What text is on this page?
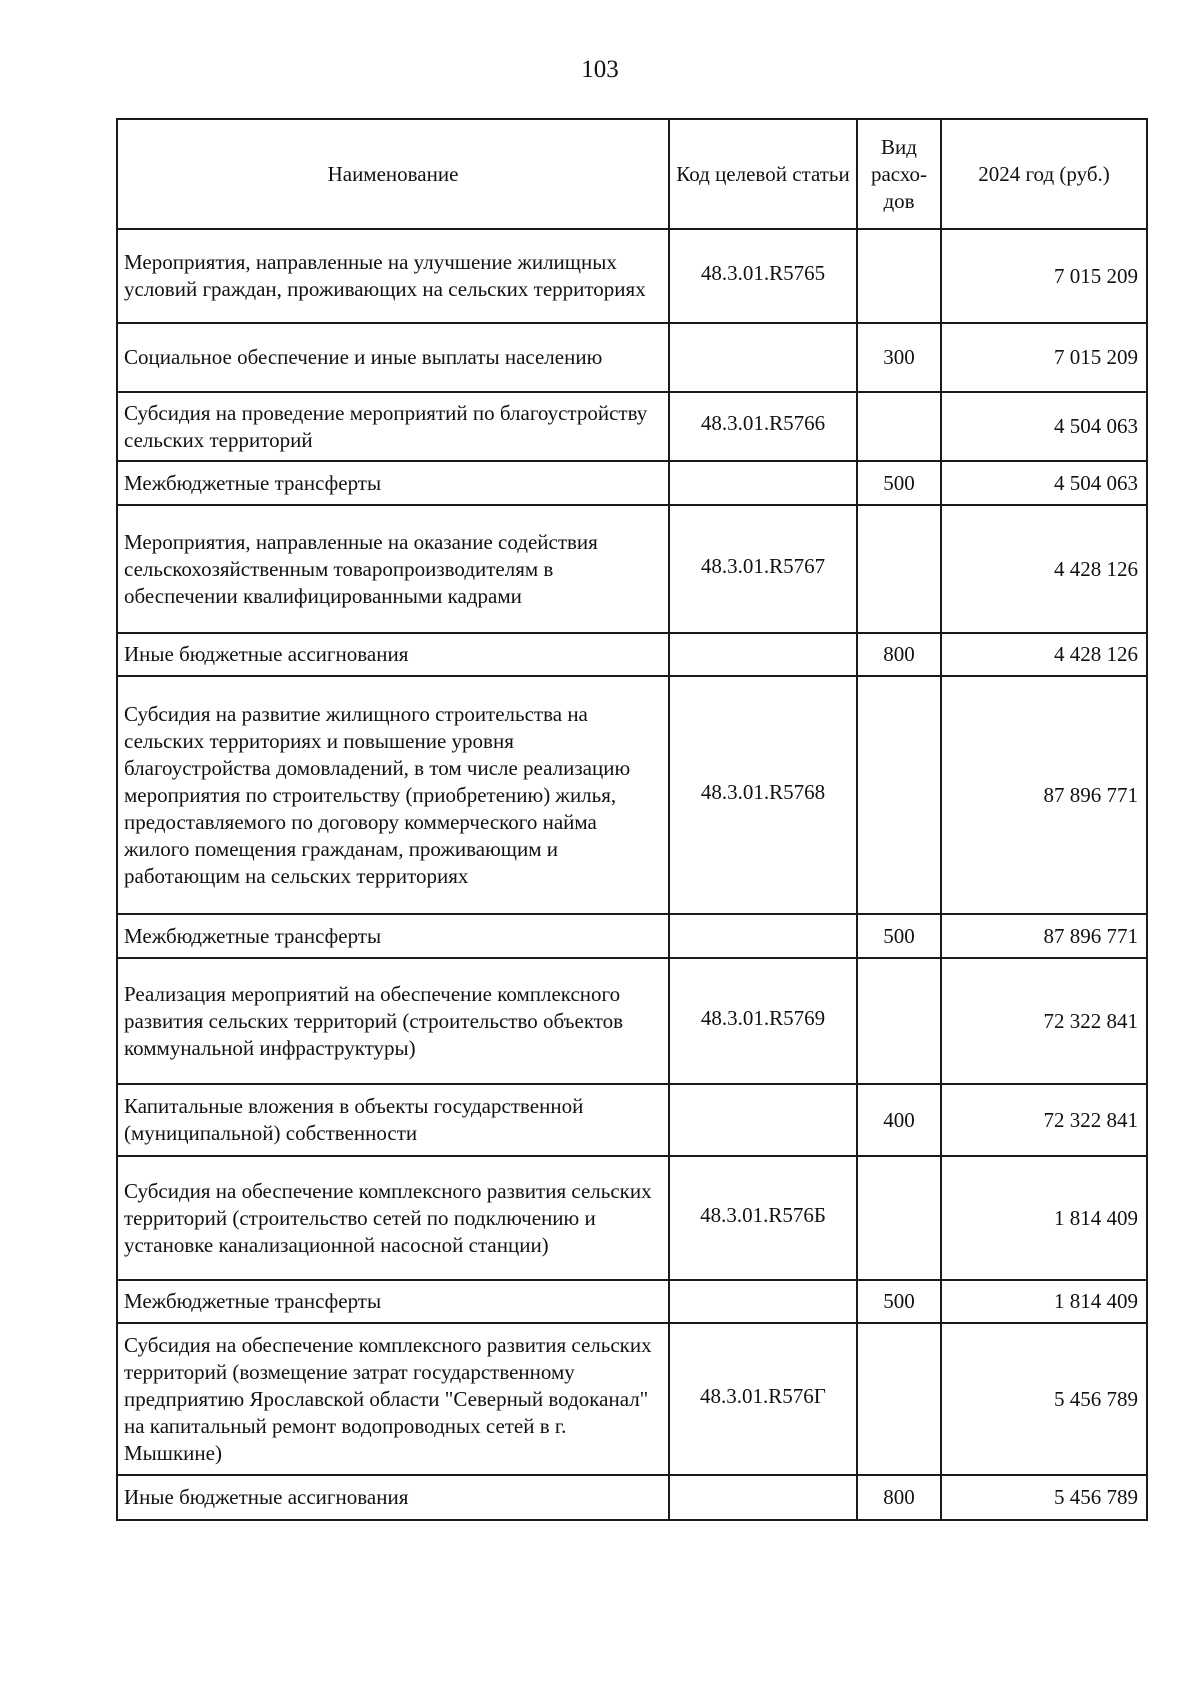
103
Наименование	Код целевой статьи	Вид расхо-дов	2024 год (руб.)
Мероприятия, направленные на улучшение жилищных условий граждан, проживающих на сельских территориях	48.3.01.R5765		7 015 209
Социальное обеспечение и иные выплаты населению		300	7 015 209
Субсидия на проведение мероприятий по благоустройству сельских территорий	48.3.01.R5766		4 504 063
Межбюджетные трансферты		500	4 504 063
Мероприятия, направленные на оказание содействия сельскохозяйственным товаропроизводителям в обеспечении квалифицированными кадрами	48.3.01.R5767		4 428 126
Иные бюджетные ассигнования		800	4 428 126
Субсидия на развитие жилищного строительства на сельских территориях и повышение уровня благоустройства домовладений, в том числе реализацию мероприятия по строительству (приобретению) жилья, предоставляемого по договору коммерческого найма жилого помещения гражданам, проживающим и работающим на сельских территориях	48.3.01.R5768		87 896 771
Межбюджетные трансферты		500	87 896 771
Реализация мероприятий на обеспечение комплексного развития сельских территорий (строительство объектов коммунальной инфраструктуры)	48.3.01.R5769		72 322 841
Капитальные вложения в объекты государственной (муниципальной) собственности		400	72 322 841
Субсидия на обеспечение комплексного развития сельских территорий (строительство сетей по подключению и установке канализационной насосной станции)	48.3.01.R576Б		1 814 409
Межбюджетные трансферты		500	1 814 409
Субсидия на обеспечение комплексного развития сельских территорий (возмещение затрат государственному предприятию Ярославской области "Северный водоканал" на капитальный ремонт водопроводных сетей в г. Мышкине)	48.3.01.R576Г		5 456 789
Иные бюджетные ассигнования		800	5 456 789
